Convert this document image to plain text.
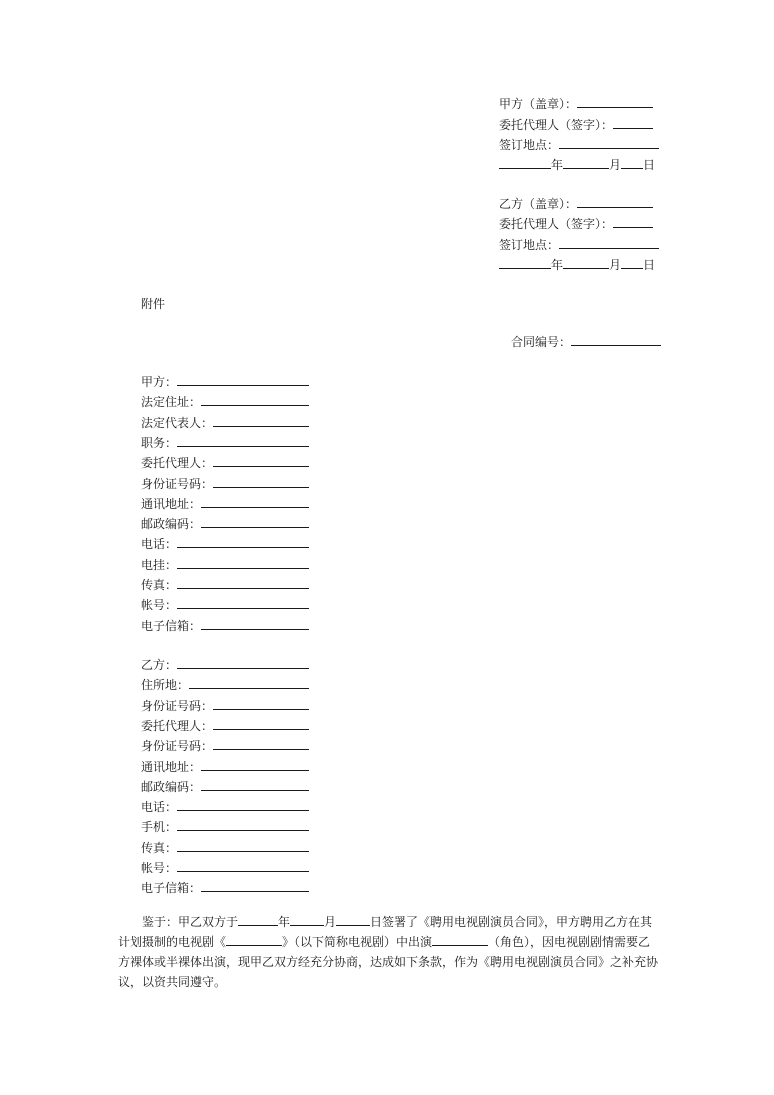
甲方（盖章）：
委托代理人（签字）：
签订地点：
年	月 日
乙方（盖章）：
委托代理人（签字）：
签订地点：
年	月 日
附件
合同编号：
甲方：
法定住址：
法定代表人：
职务：
委托代理人：
身份证号码：
通讯地址：
邮政编码：
电话：
电挂：
传真：
帐号：
电子信箱：
乙方：
住所地：
身份证号码：
委托代理人：
身份证号码：
通讯地址：
邮政编码：
电话：
手机：
传真：
帐号：
电子信箱：
鉴于：甲乙双方于	年	月	日签署了《聘用电视剧演员合同》，甲方聘用乙方在其计划摄制的电视剧《	》（以下简称电视剧）中出演	（角色），因电视剧剧情需要乙方裸体或半裸体出演，现甲乙双方经充分协商，达成如下条款，作为《聘用电视剧演员合同》之补充协议，以资共同遵守。
